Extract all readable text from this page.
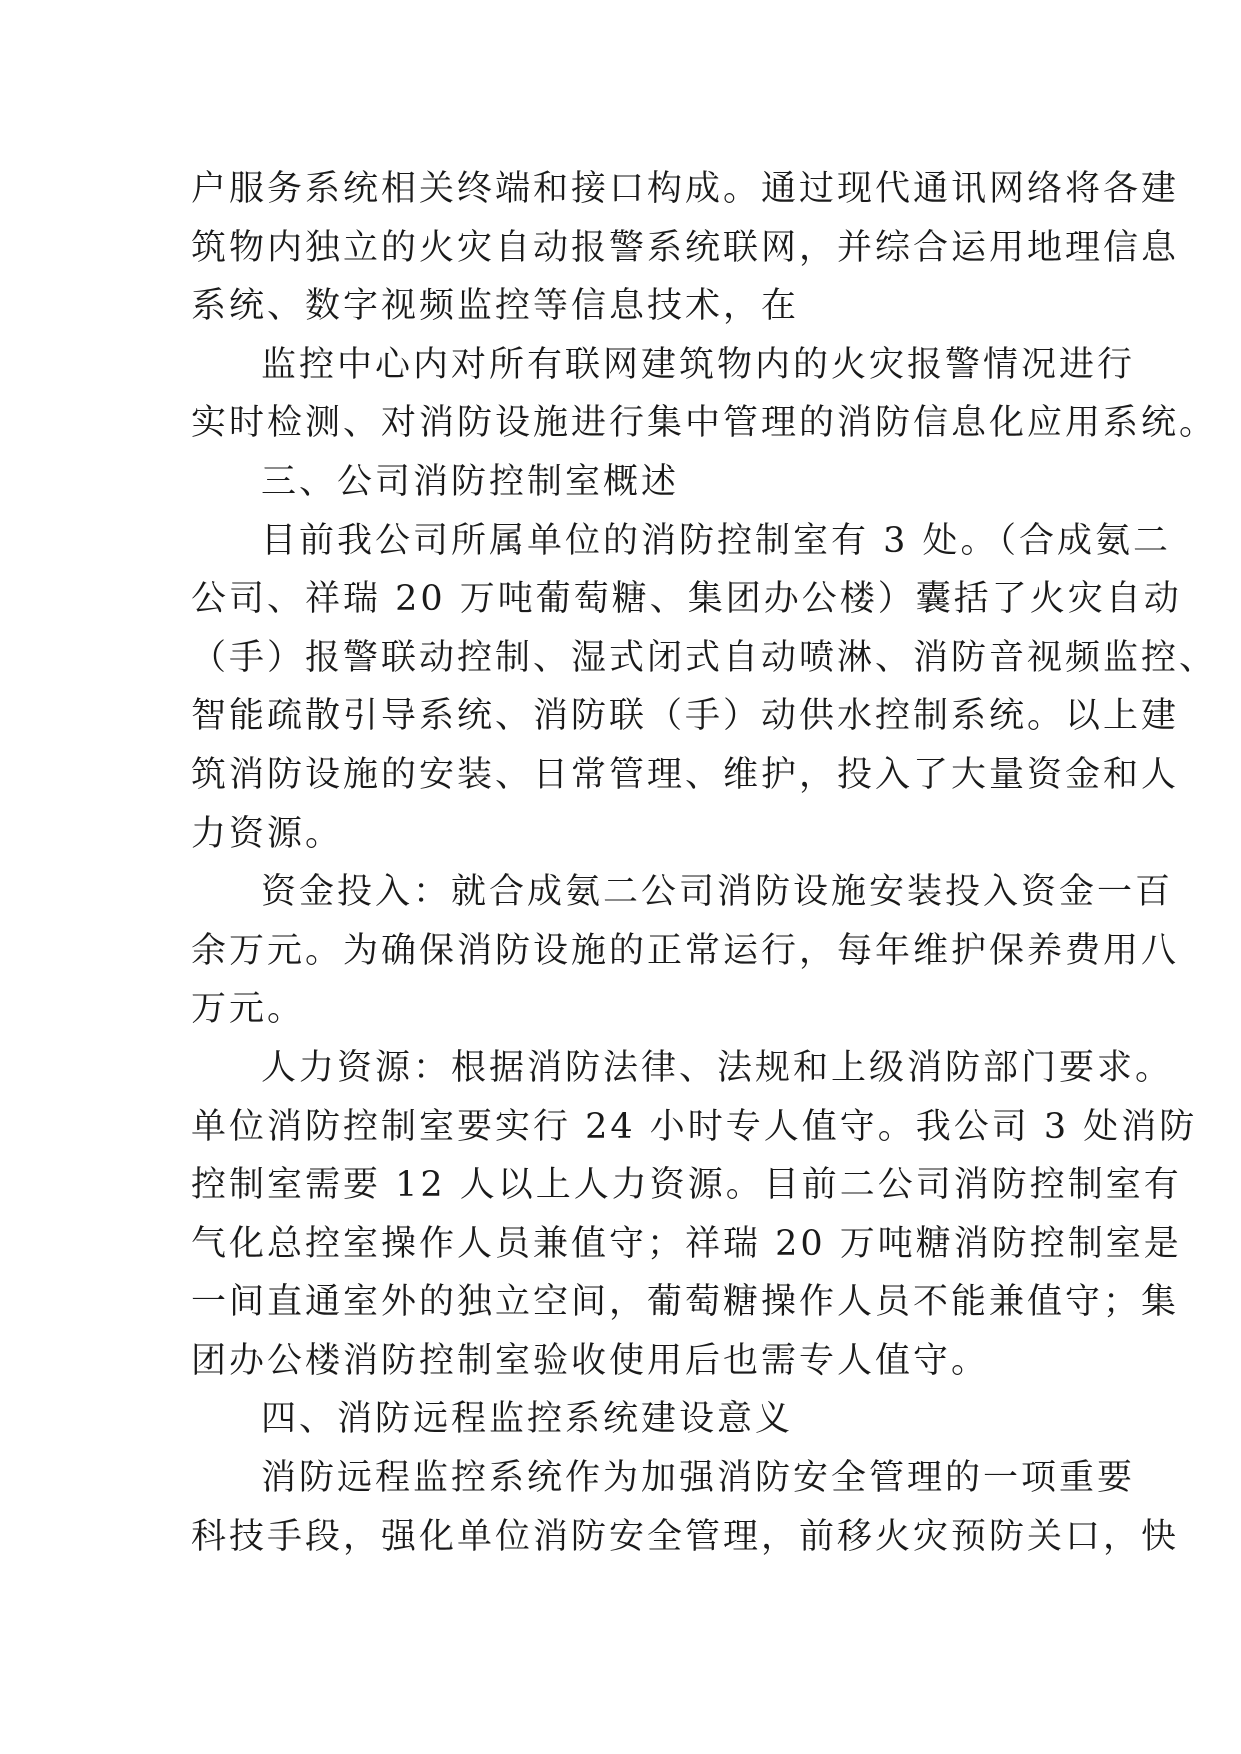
户服务系统相关终端和接口构成。通过现代通讯网络将各建
筑物内独立的火灾自动报警系统联网，并综合运用地理信息
系统、数字视频监控等信息技术，在
监控中心内对所有联网建筑物内的火灾报警情况进行
实时检测、对消防设施进行集中管理的消防信息化应用系统。
三、公司消防控制室概述
目前我公司所属单位的消防控制室有 3 处。（合成氨二
公司、祥瑞 20 万吨葡萄糖、集团办公楼）囊括了火灾自动
（手）报警联动控制、湿式闭式自动喷淋、消防音视频监控、
智能疏散引导系统、消防联（手）动供水控制系统。以上建
筑消防设施的安装、日常管理、维护，投入了大量资金和人
力资源。
资金投入：就合成氨二公司消防设施安装投入资金一百
余万元。为确保消防设施的正常运行，每年维护保养费用八
万元。
人力资源：根据消防法律、法规和上级消防部门要求。
单位消防控制室要实行 24 小时专人值守。我公司 3 处消防
控制室需要 12 人以上人力资源。目前二公司消防控制室有
气化总控室操作人员兼值守；祥瑞 20 万吨糖消防控制室是
一间直通室外的独立空间，葡萄糖操作人员不能兼值守；集
团办公楼消防控制室验收使用后也需专人值守。
四、消防远程监控系统建设意义
消防远程监控系统作为加强消防安全管理的一项重要
科技手段，强化单位消防安全管理，前移火灾预防关口，快
